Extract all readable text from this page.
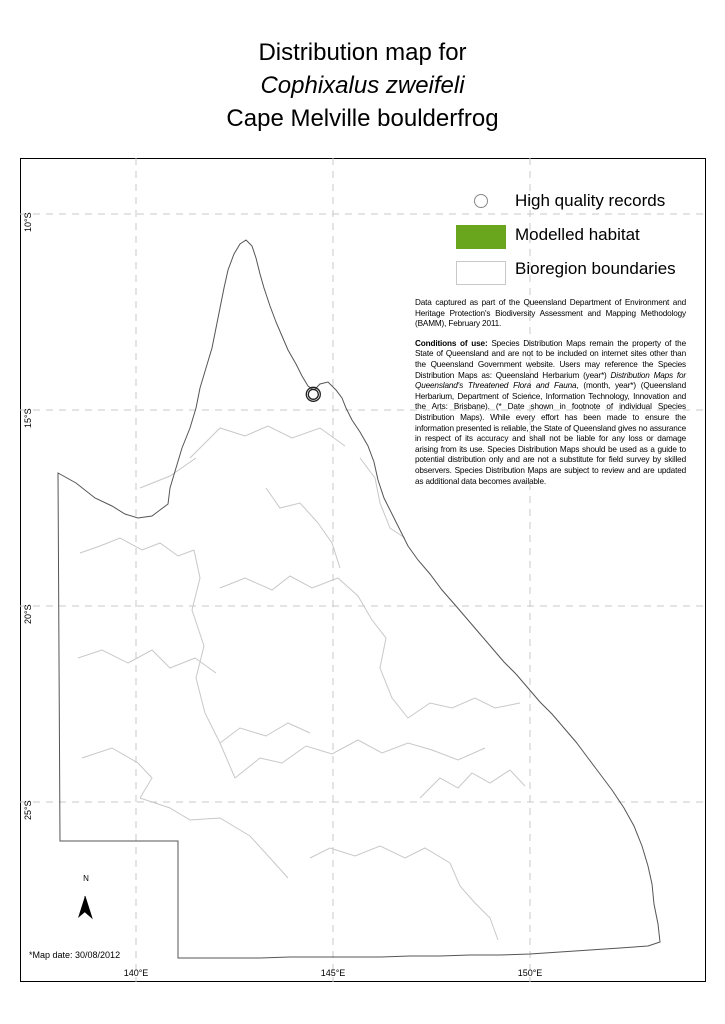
Distribution map for
Cophixalus zweifeli
Cape Melville boulderfrog
High quality records
Modelled habitat
Bioregion boundaries

Data captured as part of the Queensland Department of Environment and Heritage Protection's Biodiversity Assessment and Mapping Methodology (BAMM), February 2011.

Conditions of use: Species Distribution Maps remain the property of the State of Queensland and are not to be included on internet sites other than the Queensland Government website. Users may reference the Species Distribution Maps as: Queensland Herbarium (year*) Distribution Maps for Queensland's Threatened Flora and Fauna, (month, year*) (Queensland Herbarium, Department of Science, Information Technology, Innovation and the Arts: Brisbane). (* Date shown in footnote of individual Species Distribution Maps). While every effort has been made to ensure the information presented is reliable, the State of Queensland gives no assurance in respect of its accuracy and shall not be liable for any loss or damage arising from its use. Species Distribution Maps should be used as a guide to potential distribution only and are not a substitute for field survey by skilled observers. Species Distribution Maps are subject to review and are updated as additional data becomes available.

N
*Map date: 30/08/2012
140°E	145°E	150°E
10°S
15°S
20°S
25°S
